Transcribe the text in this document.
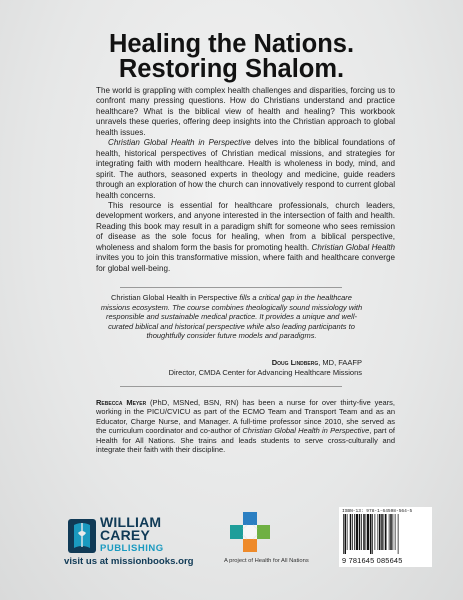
Healing the Nations.
Restoring Shalom.

The world is grappling with complex health challenges and disparities, forcing us to confront many pressing questions. How do Christians understand and practice healthcare? What is the biblical view of health and healing? This workbook unravels these queries, offering deep insights into the Christian approach to global health issues.

Christian Global Health in Perspective delves into the biblical foundations of health, historical perspectives of Christian medical missions, and strategies for integrating faith with modern healthcare. Health is wholeness in body, mind, and spirit. The authors, seasoned experts in theology and medicine, guide readers through an exploration of how the church can innovatively respond to current global health concerns.

This resource is essential for healthcare professionals, church leaders, development workers, and anyone interested in the intersection of faith and health. Reading this book may result in a paradigm shift for someone who sees remission of disease as the sole focus for healing, when from a biblical perspective, wholeness and shalom form the basis for promoting health. Christian Global Health invites you to join this transformative mission, where faith and healthcare converge for global well-being.

Christian Global Health in Perspective fills a critical gap in the healthcare missions ecosystem. The course combines theologically sound missiology with responsible and sustainable medical practice. It provides a unique and well-curated biblical and historical perspective while also leading participants to thoughtfully consider future models and paradigms.
Doug Lindberg, MD, FAAFP
Director, CMDA Center for Advancing Healthcare Missions
Rebecca Meyer (PhD, MSNed, BSN, RN) has been a nurse for over thirty-five years, working in the PICU/CVICU as part of the ECMO Team and Transport Team and as an Educator, Charge Nurse, and Manager. A full-time professor since 2010, she served as the curriculum coordinator and co-author of Christian Global Health in Perspective, part of Health for All Nations. She trains and leads students to serve cross-culturally and integrate their faith with their discipline.
WILLIAM
CAREY
PUBLISHING
visit us at missionbooks.org	A project of Health for All Nations
ISBN-13: 978-1-64508-564-5
9 781645 085645
